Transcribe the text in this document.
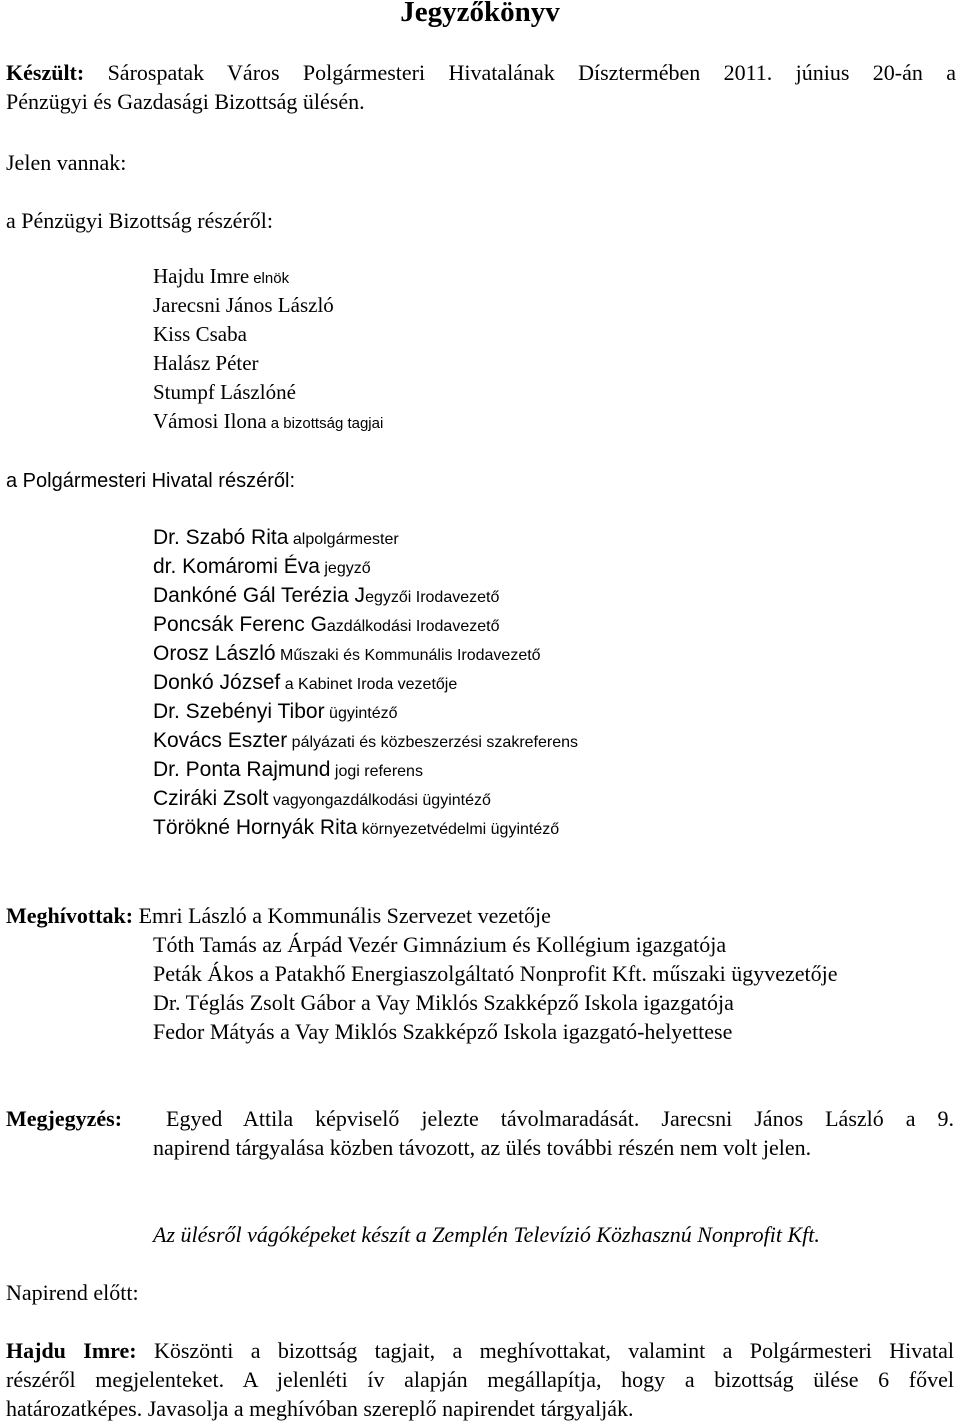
Jegyzőkönyv
Készült: Sárospatak Város Polgármesteri Hivatalának Dísztermében 2011. június 20-án a
Pénzügyi és Gazdasági Bizottság ülésén.
Jelen vannak:
a Pénzügyi Bizottság részéről:
Hajdu Imre elnök
Jarecsni János László
Kiss Csaba
Halász Péter
Stumpf Lászlóné
Vámosi Ilona a bizottság tagjai
a Polgármesteri Hivatal részéről:
Dr. Szabó Rita alpolgármester
dr. Komáromi Éva jegyző
Dankóné Gál Terézia Jegyzői Irodavezető
Poncsák Ferenc Gazdálkodási Irodavezető
Orosz László Műszaki és Kommunális Irodavezető
Donkó József a Kabinet Iroda vezetője
Dr. Szebényi Tibor ügyintéző
Kovács Eszter pályázati és közbeszerzési szakreferens
Dr. Ponta Rajmund jogi referens
Cziráki Zsolt vagyongazdálkodási ügyintéző
Törökné Hornyák Rita környezetvédelmi ügyintéző
Meghívottak: Emri László a Kommunális Szervezet vezetője
Tóth Tamás az Árpád Vezér Gimnázium és Kollégium igazgatója
Peták Ákos a Patakhő Energiaszolgáltató Nonprofit Kft. műszaki ügyvezetője
Dr. Téglás Zsolt Gábor a Vay Miklós Szakképző Iskola igazgatója
Fedor Mátyás a Vay Miklós Szakképző Iskola igazgató-helyettese
Megjegyzés: Egyed Attila képviselő jelezte távolmaradását. Jarecsni János László a 9.
napirend tárgyalása közben távozott, az ülés további részén nem volt jelen.
Az ülésről vágóképeket készít a Zemplén Televízió Közhasznú Nonprofit Kft.
Napirend előtt:
Hajdu Imre: Köszönti a bizottság tagjait, a meghívottakat, valamint a Polgármesteri Hivatal
részéről megjelenteket. A jelenléti ív alapján megállapítja, hogy a bizottság ülése 6 fővel
határozatképes. Javasolja a meghívóban szereplő napirendet tárgyalják.
